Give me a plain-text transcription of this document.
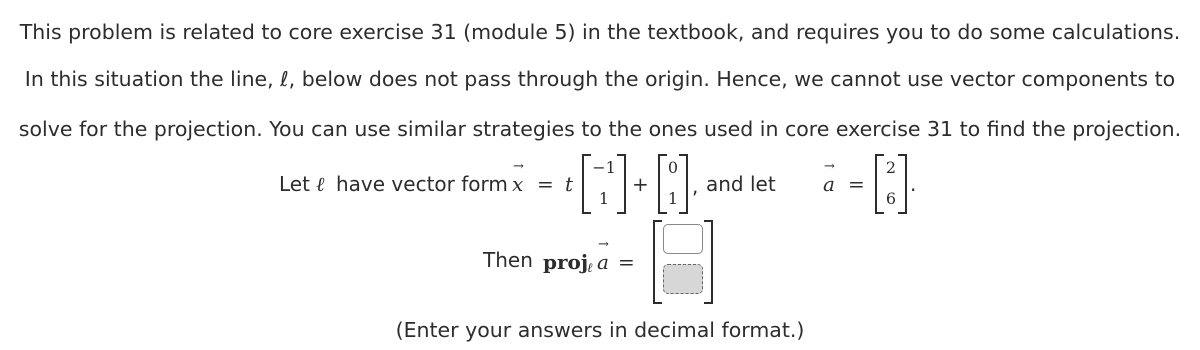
This problem is related to core exercise 31 (module 5) in the textbook, and requires you to do some calculations.
In this situation the line, ℓ, below does not pass through the origin. Hence, we cannot use vector components to
solve for the projection. You can use similar strategies to the ones used in core exercise 31 to find the projection.
Let ℓ have vector form → x = t
−1
1
+
0
1
, and let → a =
2
6
.
Then proj
ℓ → a =
(Enter your answers in decimal format.)
